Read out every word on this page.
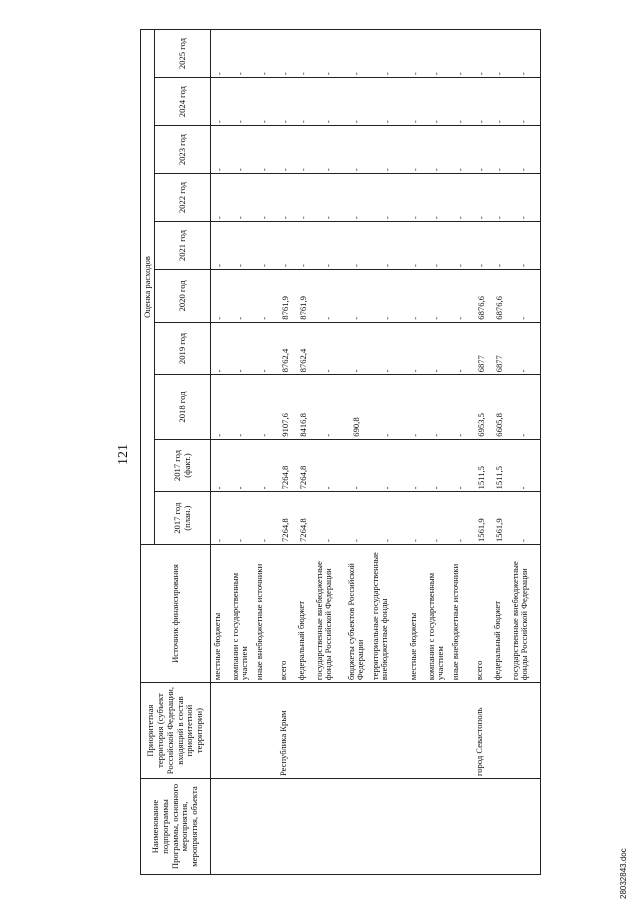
121
Наименование подпрограммы Программы, основного мероприятия, мероприятия, объекта	Приоритетная территория (субъект Российской Федерации, входящий в состав приоритетной территории)	Источник финансирования	Оценка расходов									
			2017 год (план.)	2017 год (факт.)	2018 год	2019 год	2020 год	2021 год	2022 год	2023 год	2024 год	2025 год
		местные бюджеты	-	-	-	-	-	-	-	-	-	-
		компании с государственным участием	-	-	-	-	-	-	-	-	-	-
		иные внебюджетные источники	-	-	-	-	-	-	-	-	-	-
	Республика Крым	всего	7264,8	7264,8	9107,6	8762,4	8761,9	-	-	-	-	-
		федеральный бюджет	7264,8	7264,8	8416,8	8762,4	8761,9	-	-	-	-	-
		государственные внебюджетные фонды Российской Федерации	-	-	-	-	-	-	-	-	-	-
		бюджеты субъектов Российской Федерации	-	-	690,8	-	-	-	-	-	-	-
		территориальные государственные внебюджетные фонды	-	-	-	-	-	-	-	-	-	-
		местные бюджеты	-	-	-	-	-	-	-	-	-	-
		компании с государственным участием	-	-	-	-	-	-	-	-	-	-
		иные внебюджетные источники	-	-	-	-	-	-	-	-	-	-
	город Севастополь	всего	1561,9	1511,5	6953,5	6877	6876,6	-	-	-	-	-
		федеральный бюджет	1561,9	1511,5	6605,8	6877	6876,6	-	-	-	-	-
		государственные внебюджетные фонды Российской Федерации	-	-	-	-	-	-	-	-	-	-
28032843.doc
